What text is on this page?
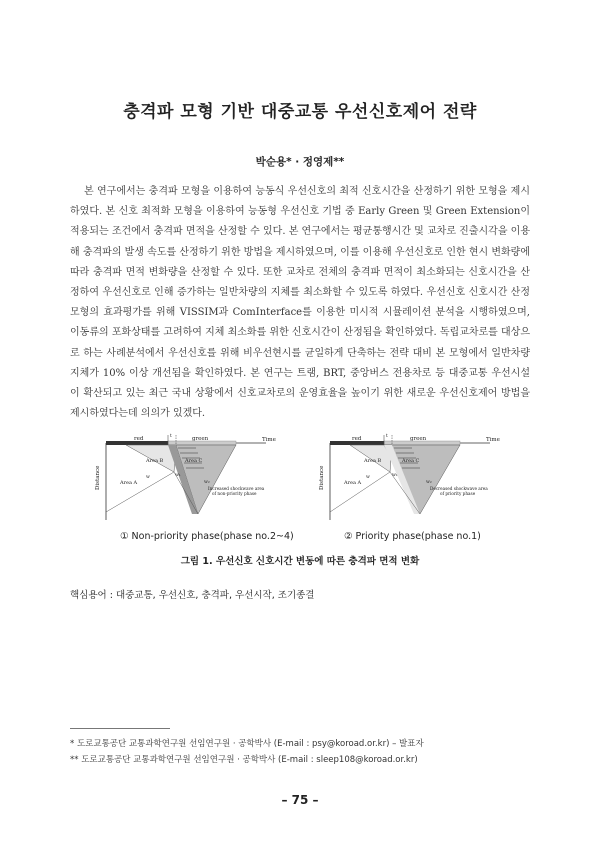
충격파 모형 기반 대중교통 우선신호제어 전략
박순용* · 정영제**

본 연구에서는 충격파 모형을 이용하여 능동식 우선신호의 최적 신호시간을 산정하기 위한 모형을 제시하였다. 본 신호 최적화 모형을 이용하여 능동형 우선신호 기법 중 Early Green 및 Green Extension이 적용되는 조건에서 충격파 면적을 산정할 수 있다. 본 연구에서는 평균통행시간 및 교차로 진출시각을 이용해 충격파의 발생 속도를 산정하기 위한 방법을 제시하였으며, 이를 이용해 우선신호로 인한 현시 변화량에 따라 충격파 면적 변화량을 산정할 수 있다. 또한 교차로 전체의 충격파 면적이 최소화되는 신호시간을 산정하여 우선신호로 인해 증가하는 일반차량의 지체를 최소화할 수 있도록 하였다. 우선신호 신호시간 산정 모형의 효과평가를 위해 VISSIM과 ComInterface를 이용한 미시적 시뮬레이션 분석을 시행하였으며, 이동류의 포화상태를 고려하여 지체 최소화를 위한 신호시간이 산정됨을 확인하였다. 독립교차로를 대상으로 하는 사례분석에서 우선신호를 위해 비우선현시를 균일하게 단축하는 전략 대비 본 모형에서 일반차량 지체가 10% 이상 개선됨을 확인하였다. 본 연구는 트램, BRT, 중앙버스 전용차로 등 대중교통 우선시설이 확산되고 있는 최근 국내 상황에서 신호교차로의 운영효율을 높이기 위한 새로운 우선신호제어 방법을 제시하였다는데 의의가 있겠다.

red	green
t
Time
Distance
Area B	Area C
Area A
w	w₁
w₂
Increased shockwave area
of non-priority phase
red	green
t
Time
Distance
Area B	Area C
Area A
w	w₁
w₂
Decreased shockwave area
of priority phase
① Non-priority phase(phase no.2~4)	② Priority phase(phase no.1)
그림 1. 우선신호 신호시간 변동에 따른 충격파 면적 변화
핵심용어 : 대중교통, 우선신호, 충격파, 우선시작, 조기종결
* 도로교통공단 교통과학연구원 선임연구원 · 공학박사 (E-mail : psy@koroad.or.kr) – 발표자
** 도로교통공단 교통과학연구원 선임연구원 · 공학박사 (E-mail : sleep108@koroad.or.kr)
– 75 –
